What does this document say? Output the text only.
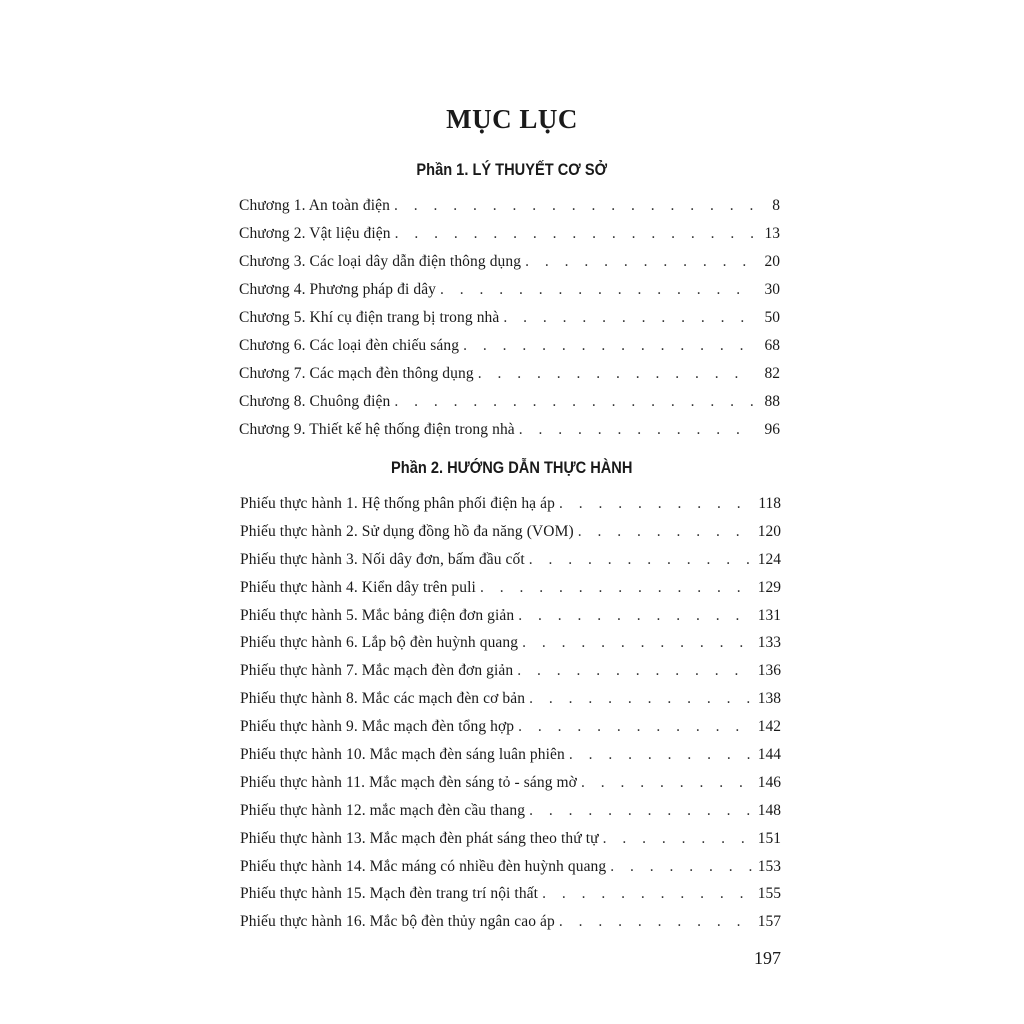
MỤC LỤC
Phần 1. LÝ THUYẾT CƠ SỞ
Chương 1. An toàn điện . . .	8
Chương 2. Vật liệu điện . . .	13
Chương 3. Các loại dây dẫn điện thông dụng . . .	20
Chương 4. Phương pháp đi dây . . .	30
Chương 5. Khí cụ điện trang bị trong nhà . . .	50
Chương 6. Các loại đèn chiếu sáng . . .	68
Chương 7. Các mạch đèn thông dụng . . .	82
Chương 8. Chuông điện . . .	88
Chương 9. Thiết kế hệ thống điện trong nhà . . .	96
Phần 2. HƯỚNG DẪN THỰC HÀNH
Phiếu thực hành 1. Hệ thống phân phối điện hạ áp . . .	118
Phiếu thực hành 2. Sử dụng đồng hồ đa năng (VOM) . . .	120
Phiếu thực hành 3. Nối dây đơn, bấm đầu cốt . . .	124
Phiếu thực hành 4. Kiển dây trên puli . . .	129
Phiếu thực hành 5. Mắc bảng điện đơn giản . . .	131
Phiếu thực hành 6. Lắp bộ đèn huỳnh quang . . .	133
Phiếu thực hành 7. Mắc mạch đèn đơn giản . . .	136
Phiếu thực hành 8. Mắc các mạch đèn cơ bản . . .	138
Phiếu thực hành 9. Mắc mạch đèn tổng hợp . . .	142
Phiếu thực hành 10. Mắc mạch đèn sáng luân phiên . . .	144
Phiếu thực hành 11. Mắc mạch đèn sáng tỏ - sáng mờ . . .	146
Phiếu thực hành 12. mắc mạch đèn cầu thang . . .	148
Phiếu thực hành 13. Mắc mạch đèn phát sáng theo thứ tự . . .	151
Phiếu thực hành 14. Mắc máng có nhiều đèn huỳnh quang . . .	153
Phiếu thực hành 15. Mạch đèn trang trí nội thất . . .	155
Phiếu thực hành 16. Mắc bộ đèn thủy ngân cao áp . . .	157
197
